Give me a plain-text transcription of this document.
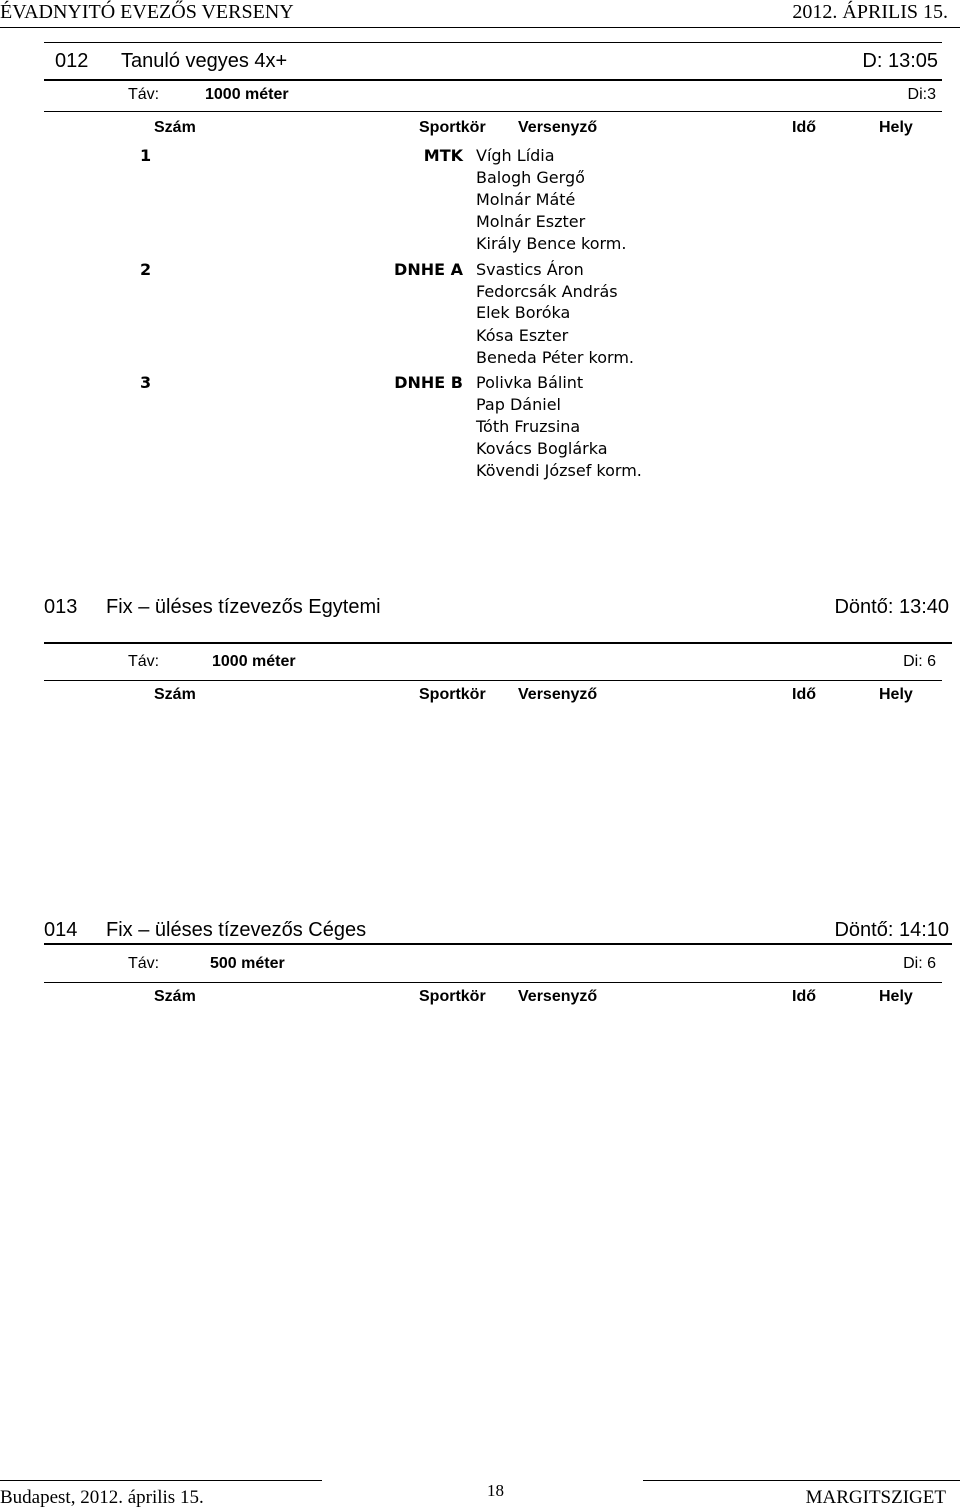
ÉVADNYITÓ EVEZŐS VERSENY	2012. ÁPRILIS 15.
012 Tanuló vegyes 4x+	D: 13:05
Táv:	1000 méter	Di:3
Szám	Sportkör Versenyző	Idő	Hely
1	MTK Vígh Lídia
Balogh Gergő
Molnár Máté
Molnár Eszter
Király Bence korm.
2	DNHE A Svastics Áron
Fedorcsák András
Elek Boróka
Kósa Eszter
Beneda Péter korm.
3	DNHE B Polivka Bálint
Pap Dániel
Tóth Fruzsina
Kovács Boglárka
Kövendi József korm.
013 Fix – üléses tízevezős Egytemi	Döntő: 13:40
Táv:	1000 méter	Di: 6
Szám	Sportkör Versenyző	Idő	Hely
014 Fix – üléses tízevezős Céges	Döntő: 14:10
Táv:	500 méter	Di: 6
Szám	Sportkör Versenyző	Idő	Hely
Budapest, 2012. április 15.	18	MARGITSZIGET
